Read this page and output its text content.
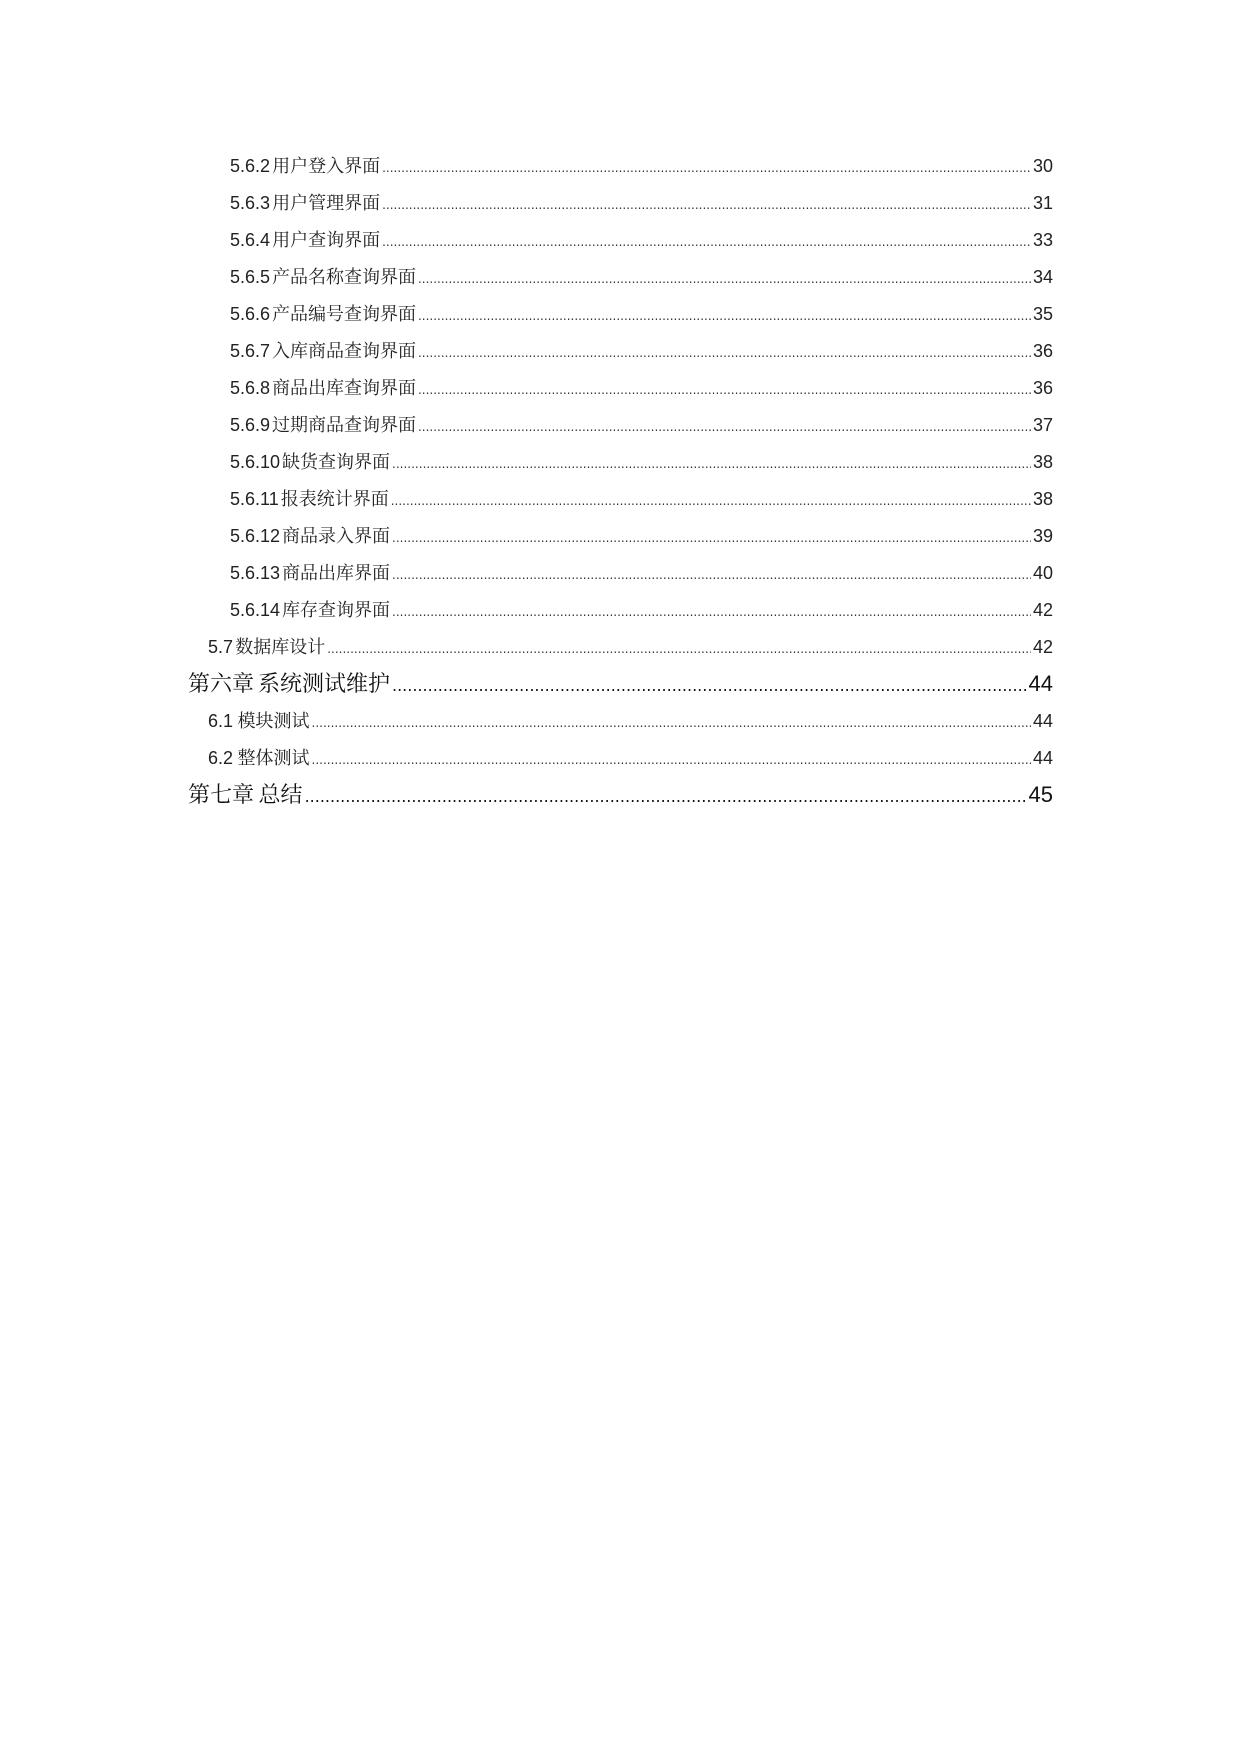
5.6.2 用户登入界面 .....	30
5.6.3 用户管理界面 .....	31
5.6.4 用户查询界面 .....	33
5.6.5 产品名称查询界面 .....	34
5.6.6 产品编号查询界面 .....	35
5.6.7 入库商品查询界面 .....	36
5.6.8 商品出库查询界面 .....	36
5.6.9 过期商品查询界面 .....	37
5.6.10 缺货查询界面 .....	38
5.6.11 报表统计界面 .....	38
5.6.12 商品录入界面 .....	39
5.6.13 商品出库界面 .....	40
5.6.14 库存查询界面 .....	42
5.7 数据库设计 .....	42
第六章 系统测试维护 .....	44
6.1 模块测试 .....	44
6.2 整体测试 .....	44
第七章 总结 .....	45
